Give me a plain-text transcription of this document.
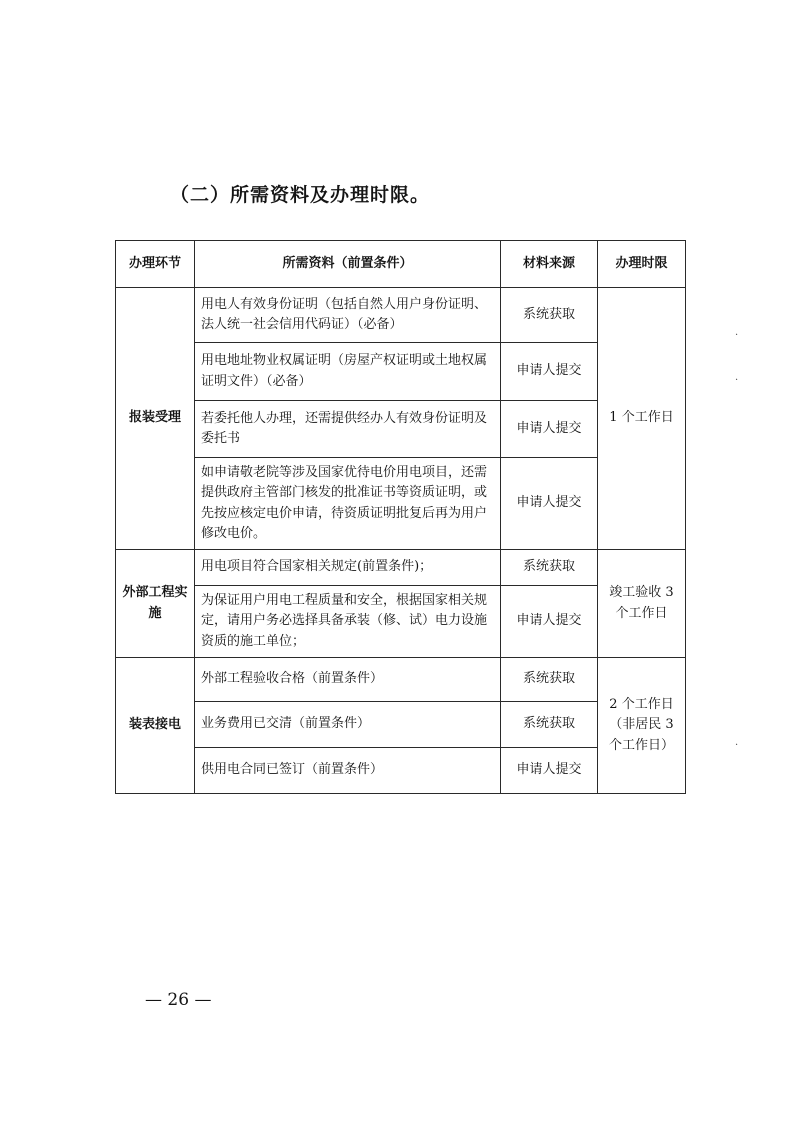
（二）所需资料及办理时限。
办理环节	所需资料（前置条件）	材料来源	办理时限
报装受理	用电人有效身份证明（包括自然人用户身份证明、法人统一社会信用代码证）（必备）	系统获取	1 个工作日
	用电地址物业权属证明（房屋产权证明或土地权属证明文件）（必备）	申请人提交	
	若委托他人办理，还需提供经办人有效身份证明及委托书	申请人提交	
	如申请敬老院等涉及国家优待电价用电项目，还需提供政府主管部门核发的批准证书等资质证明，或先按应核定电价申请，待资质证明批复后再为用户修改电价。	申请人提交	
外部工程实施	用电项目符合国家相关规定(前置条件)；	系统获取	竣工验收 3 个工作日
	为保证用户用电工程质量和安全，根据国家相关规定，请用户务必选择具备承装（修、试）电力设施资质的施工单位；	申请人提交	
装表接电	外部工程验收合格（前置条件）	系统获取	2 个工作日（非居民 3 个工作日）
	业务费用已交清（前置条件）	系统获取	
	供用电合同已签订（前置条件）	申请人提交	
— 26 —
·
·
·
